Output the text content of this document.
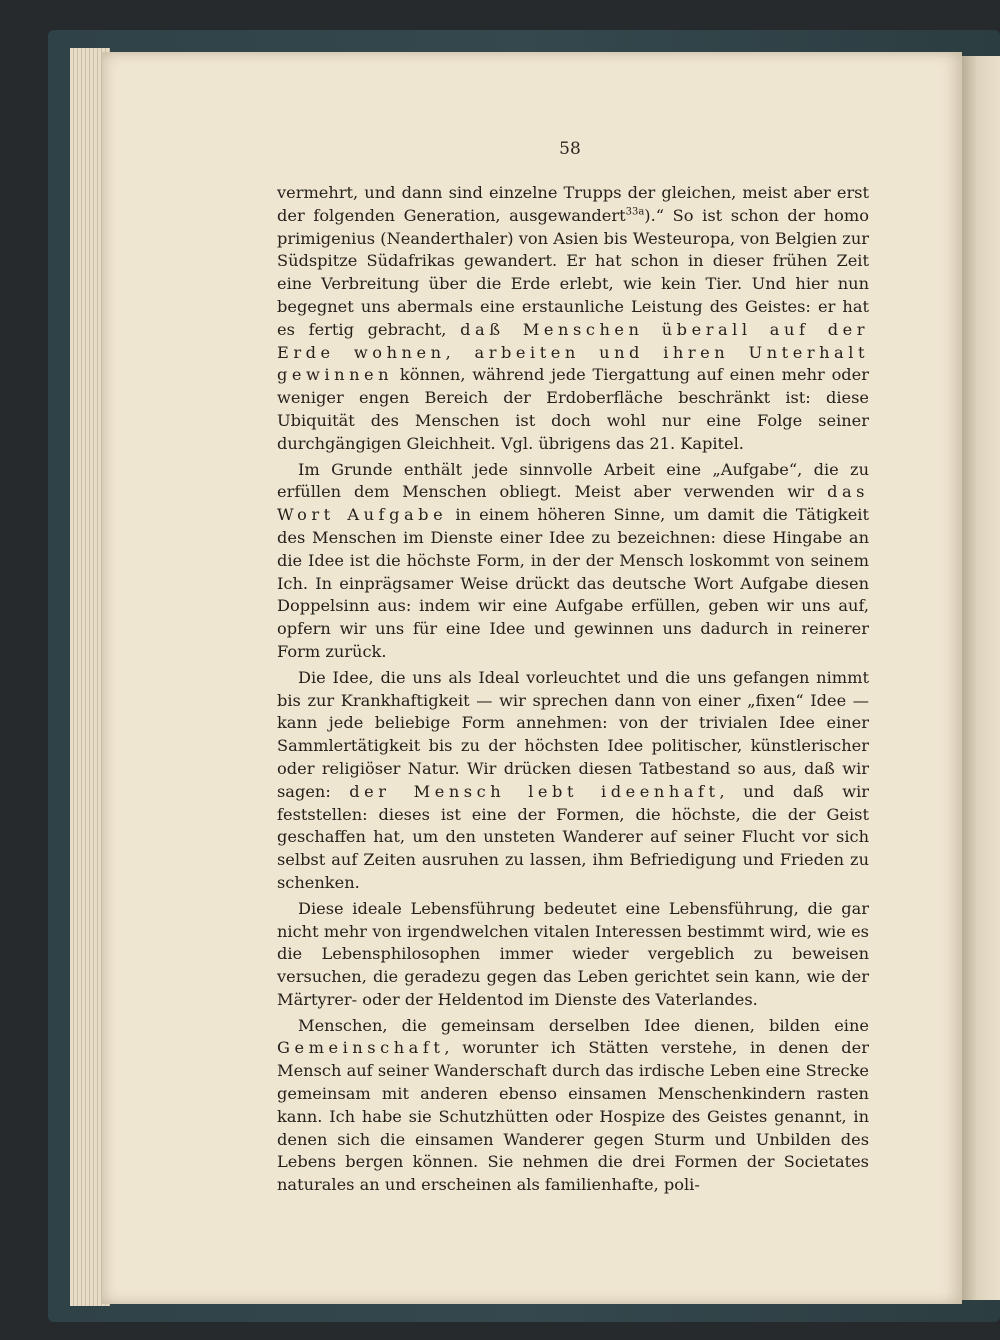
58

vermehrt, und dann sind einzelne Trupps der gleichen, meist aber erst der folgenden Generation, ausgewandert$^{33a}$).“ So ist schon der homo primigenius (Neanderthaler) von Asien bis Westeuropa, von Belgien zur Südspitze Südafrikas gewandert. Er hat schon in dieser frühen Zeit eine Verbreitung über die Erde erlebt, wie kein Tier. Und hier nun begegnet uns abermals eine erstaunliche Leistung des Geistes: er hat es fertig gebracht, daß Menschen überall auf der Erde wohnen, arbeiten und ihren Unterhalt gewinnen können, während jede Tiergattung auf einen mehr oder weniger engen Bereich der Erdoberfläche beschränkt ist: diese Ubiquität des Menschen ist doch wohl nur eine Folge seiner durchgängigen Gleichheit. Vgl. übrigens das 21. Kapitel.

Im Grunde enthält jede sinnvolle Arbeit eine „Aufgabe“, die zu erfüllen dem Menschen obliegt. Meist aber verwenden wir das Wort Aufgabe in einem höheren Sinne, um damit die Tätigkeit des Menschen im Dienste einer Idee zu bezeichnen: diese Hingabe an die Idee ist die höchste Form, in der der Mensch loskommt von seinem Ich. In einprägsamer Weise drückt das deutsche Wort Aufgabe diesen Doppelsinn aus: indem wir eine Aufgabe erfüllen, geben wir uns auf, opfern wir uns für eine Idee und gewinnen uns dadurch in reinerer Form zurück.

Die Idee, die uns als Ideal vorleuchtet und die uns gefangen nimmt bis zur Krankhaftigkeit — wir sprechen dann von einer „fixen“ Idee — kann jede beliebige Form annehmen: von der trivialen Idee einer Sammlertätigkeit bis zu der höchsten Idee politischer, künstlerischer oder religiöser Natur. Wir drücken diesen Tatbestand so aus, daß wir sagen: der Mensch lebt ideenhaft, und daß wir feststellen: dieses ist eine der Formen, die höchste, die der Geist geschaffen hat, um den unsteten Wanderer auf seiner Flucht vor sich selbst auf Zeiten ausruhen zu lassen, ihm Befriedigung und Frieden zu schenken.

Diese ideale Lebensführung bedeutet eine Lebensführung, die gar nicht mehr von irgendwelchen vitalen Interessen bestimmt wird, wie es die Lebensphilosophen immer wieder vergeblich zu beweisen versuchen, die geradezu gegen das Leben gerichtet sein kann, wie der Märtyrer- oder der Heldentod im Dienste des Vaterlandes.

Menschen, die gemeinsam derselben Idee dienen, bilden eine Gemeinschaft, worunter ich Stätten verstehe, in denen der Mensch auf seiner Wanderschaft durch das irdische Leben eine Strecke gemeinsam mit anderen ebenso einsamen Menschenkindern rasten kann. Ich habe sie Schutzhütten oder Hospize des Geistes genannt, in denen sich die einsamen Wanderer gegen Sturm und Unbilden des Lebens bergen können. Sie nehmen die drei Formen der Societates naturales an und erscheinen als familienhafte, poli-
